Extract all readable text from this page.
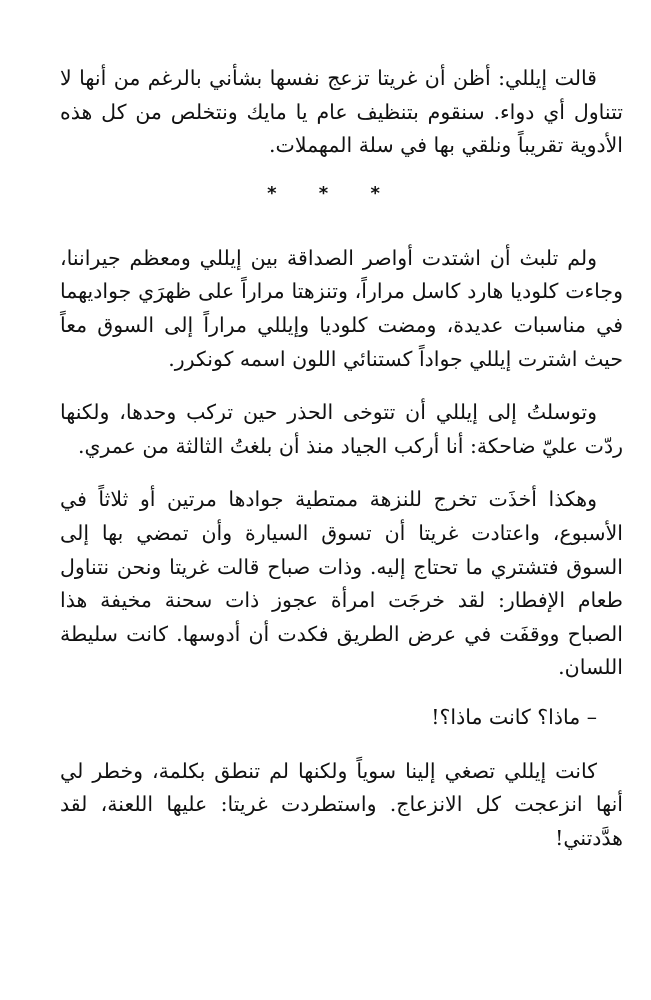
قالت إيللي: أظن أن غريتا تزعج نفسها بشأني بالرغم من أنها لا تتناول أي دواء. سنقوم بتنظيف عام يا مايك ونتخلص من كل هذه الأدوية تقريباً ونلقي بها في سلة المهملات.

* * *

ولم تلبث أن اشتدت أواصر الصداقة بين إيللي ومعظم جيراننا، وجاءت كلوديا هارد كاسل مراراً، وتنزهتا مراراً على ظهرَي جواديهما في مناسبات عديدة، ومضت كلوديا وإيللي مراراً إلى السوق معاً حيث اشترت إيللي جواداً كستنائي اللون اسمه كونكرر.

وتوسلتُ إلى إيللي أن تتوخى الحذر حين تركب وحدها، ولكنها ردّت عليّ ضاحكة: أنا أركب الجياد منذ أن بلغتُ الثالثة من عمري.

وهكذا أخذَت تخرج للنزهة ممتطية جوادها مرتين أو ثلاثاً في الأسبوع، واعتادت غريتا أن تسوق السيارة وأن تمضي بها إلى السوق فتشتري ما تحتاج إليه. وذات صباح قالت غريتا ونحن نتناول طعام الإفطار: لقد خرجَت امرأة عجوز ذات سحنة مخيفة هذا الصباح ووقفَت في عرض الطريق فكدت أن أدوسها. كانت سليطة اللسان.

– ماذا؟ كانت ماذا؟!

كانت إيللي تصغي إلينا سوياً ولكنها لم تنطق بكلمة، وخطر لي أنها انزعجت كل الانزعاج. واستطردت غريتا: عليها اللعنة، لقد هدَّدتني!
